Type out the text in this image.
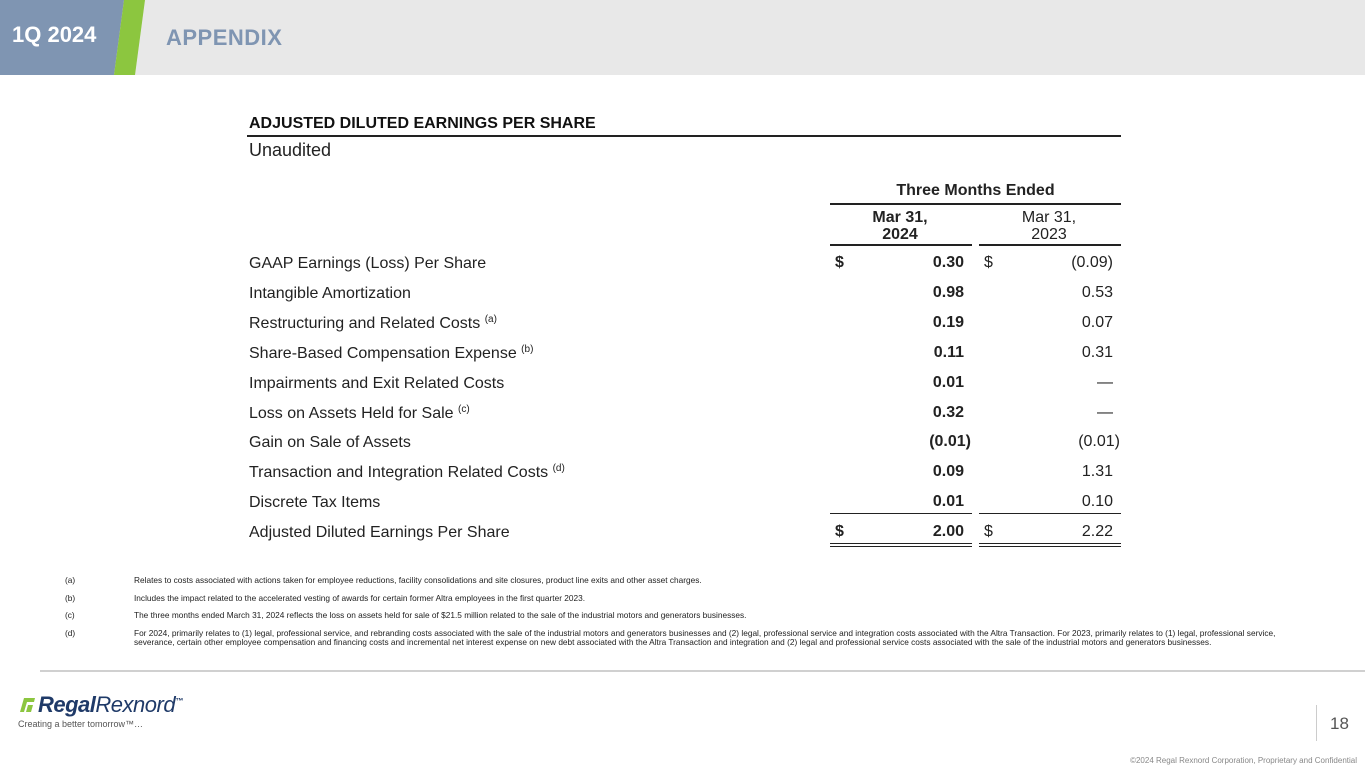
1Q 2024	APPENDIX
ADJUSTED DILUTED EARNINGS PER SHARE
Unaudited
Three Months Ended
Mar 31,
2024
Mar 31,
2023
GAAP Earnings (Loss) Per Share	$	0.30 $	(0.09)
Intangible Amortization	0.98	0.53
Restructuring and Related Costs $^{(a)}$	0.19	0.07
Share-Based Compensation Expense $^{(b)}$	0.11	0.31
Impairments and Exit Related Costs	0.01	—
Loss on Assets Held for Sale $^{(c)}$	0.32	—
Gain on Sale of Assets	(0.01)	(0.01)
Transaction and Integration Related Costs $^{(d)}$	0.09	1.31
Discrete Tax Items	0.01	0.10
Adjusted Diluted Earnings Per Share	$	2.00 $	2.22
(a)	Relates to costs associated with actions taken for employee reductions, facility consolidations and site closures, product line exits and other asset charges.
(b)	Includes the impact related to the accelerated vesting of awards for certain former Altra employees in the first quarter 2023.
(c)	The three months ended March 31, 2024 reflects the loss on assets held for sale of $21.5 million related to the sale of the industrial motors and generators businesses.
(d)	For 2024, primarily relates to (1) legal, professional service, and rebranding costs associated with the sale of the industrial motors and generators businesses and (2) legal, professional service and integration costs associated with the Altra Transaction. For 2023, primarily relates to (1) legal, professional service, severance, certain other employee compensation and financing costs and incremental net interest expense on new debt associated with the Altra Transaction and integration and (2) legal and professional service costs associated with the sale of the industrial motors and generators businesses.
RegalRexnord™
Creating a better tomorrow™…	18
©2024 Regal Rexnord Corporation, Proprietary and Confidential
